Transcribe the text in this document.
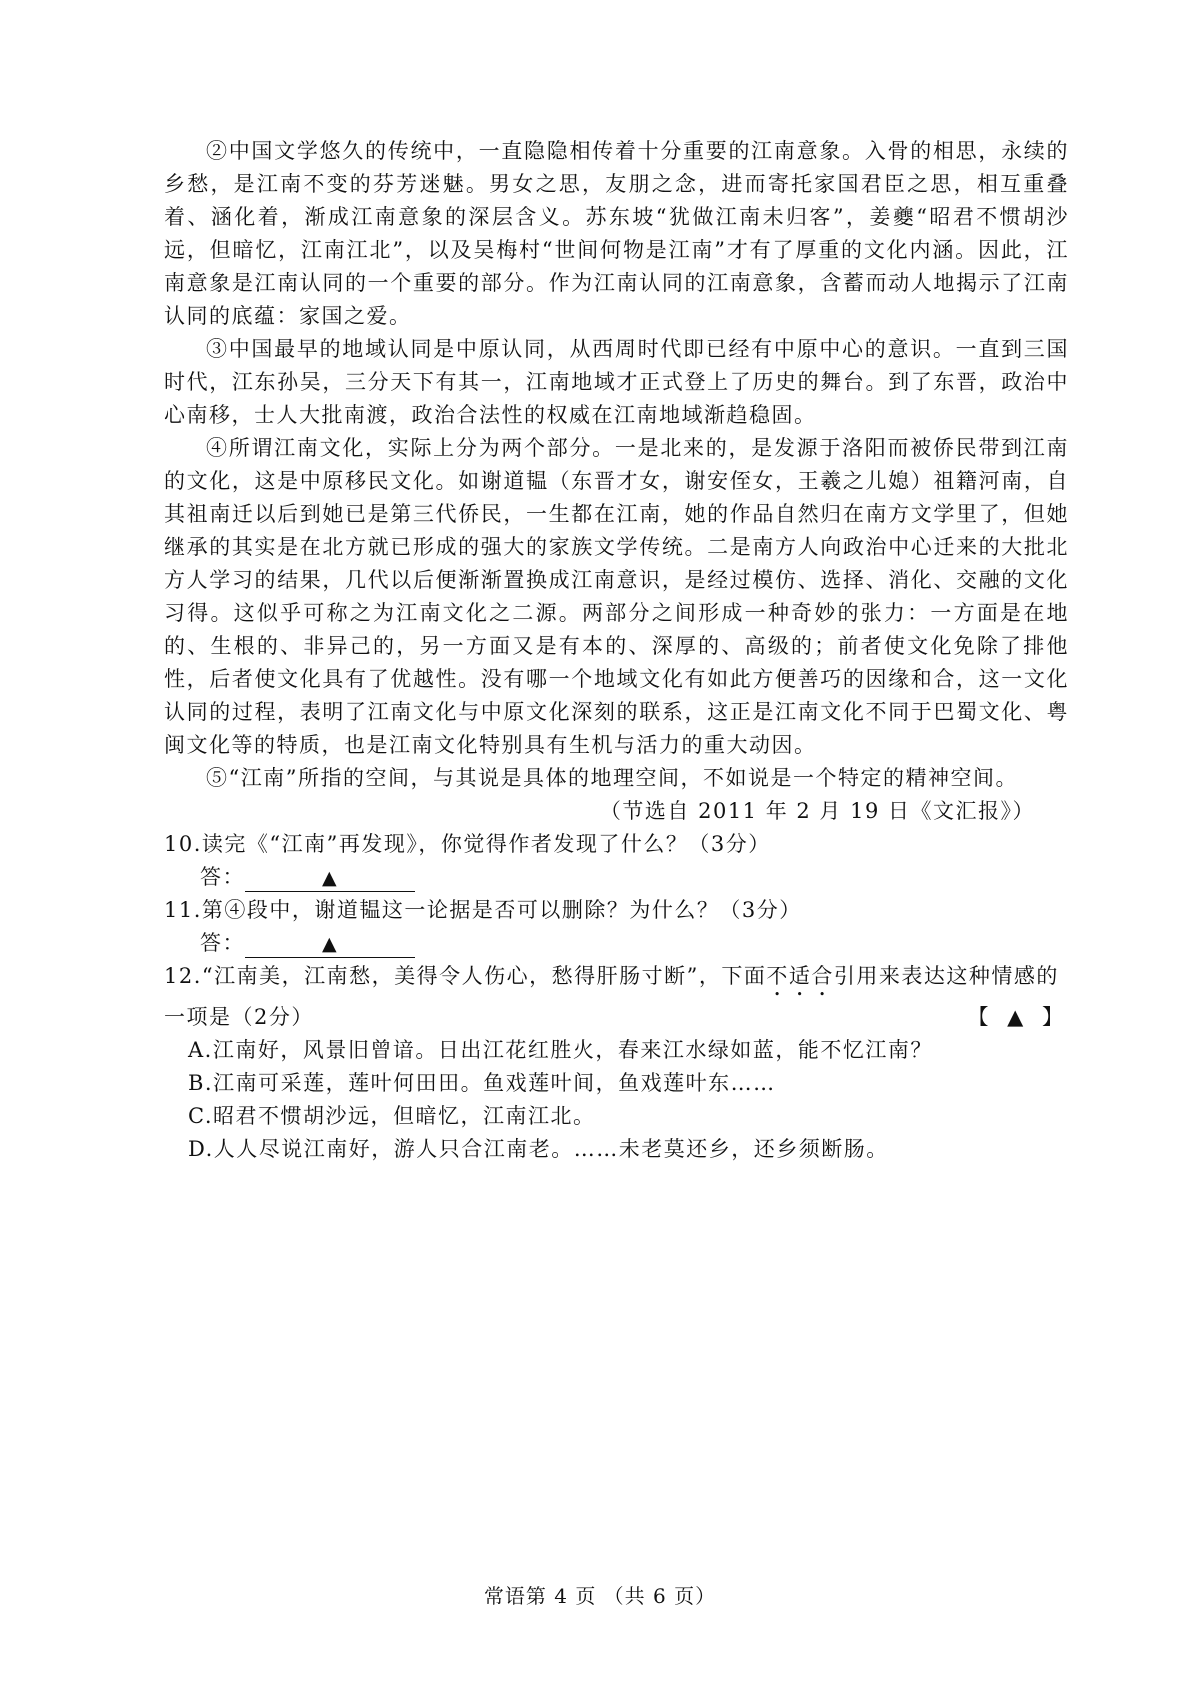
②中国文学悠久的传统中，一直隐隐相传着十分重要的江南意象。入骨的相思，永续的乡愁，是江南不变的芬芳迷魅。男女之思，友朋之念，进而寄托家国君臣之思，相互重叠着、涵化着，渐成江南意象的深层含义。苏东坡“犹做江南未归客”，姜夔“昭君不惯胡沙远，但暗忆，江南江北”，以及吴梅村“世间何物是江南”才有了厚重的文化内涵。因此，江南意象是江南认同的一个重要的部分。作为江南认同的江南意象，含蓄而动人地揭示了江南认同的底蕴：家国之爱。

③中国最早的地域认同是中原认同，从西周时代即已经有中原中心的意识。一直到三国时代，江东孙吴，三分天下有其一，江南地域才正式登上了历史的舞台。到了东晋，政治中心南移，士人大批南渡，政治合法性的权威在江南地域渐趋稳固。

④所谓江南文化，实际上分为两个部分。一是北来的，是发源于洛阳而被侨民带到江南的文化，这是中原移民文化。如谢道韫（东晋才女，谢安侄女，王羲之儿媳）祖籍河南，自其祖南迁以后到她已是第三代侨民，一生都在江南，她的作品自然归在南方文学里了，但她继承的其实是在北方就已形成的强大的家族文学传统。二是南方人向政治中心迁来的大批北方人学习的结果，几代以后便渐渐置换成江南意识，是经过模仿、选择、消化、交融的文化习得。这似乎可称之为江南文化之二源。两部分之间形成一种奇妙的张力：一方面是在地的、生根的、非异己的，另一方面又是有本的、深厚的、高级的；前者使文化免除了排他性，后者使文化具有了优越性。没有哪一个地域文化有如此方便善巧的因缘和合，这一文化认同的过程，表明了江南文化与中原文化深刻的联系，这正是江南文化不同于巴蜀文化、粤闽文化等的特质，也是江南文化特别具有生机与活力的重大动因。

⑤“江南”所指的空间，与其说是具体的地理空间，不如说是一个特定的精神空间。

（节选自 2011 年 2 月 19 日《文汇报》）

10.读完《“江南”再发现》，你觉得作者发现了什么？（3分）

答：	▲

11.第④段中，谢道韫这一论据是否可以删除？为什么？（3分）

答：	▲

12.“江南美，江南愁，美得令人伤心，愁得肝肠寸断”，下面不适合引用来表达这种情感的一项是（2分）	【 ▲ 】

A.江南好，风景旧曾谙。日出江花红胜火，春来江水绿如蓝，能不忆江南？

B.江南可采莲，莲叶何田田。鱼戏莲叶间，鱼戏莲叶东……

C.昭君不惯胡沙远，但暗忆，江南江北。

D.人人尽说江南好，游人只合江南老。……未老莫还乡，还乡须断肠。

常语第 4 页 （共 6 页）
